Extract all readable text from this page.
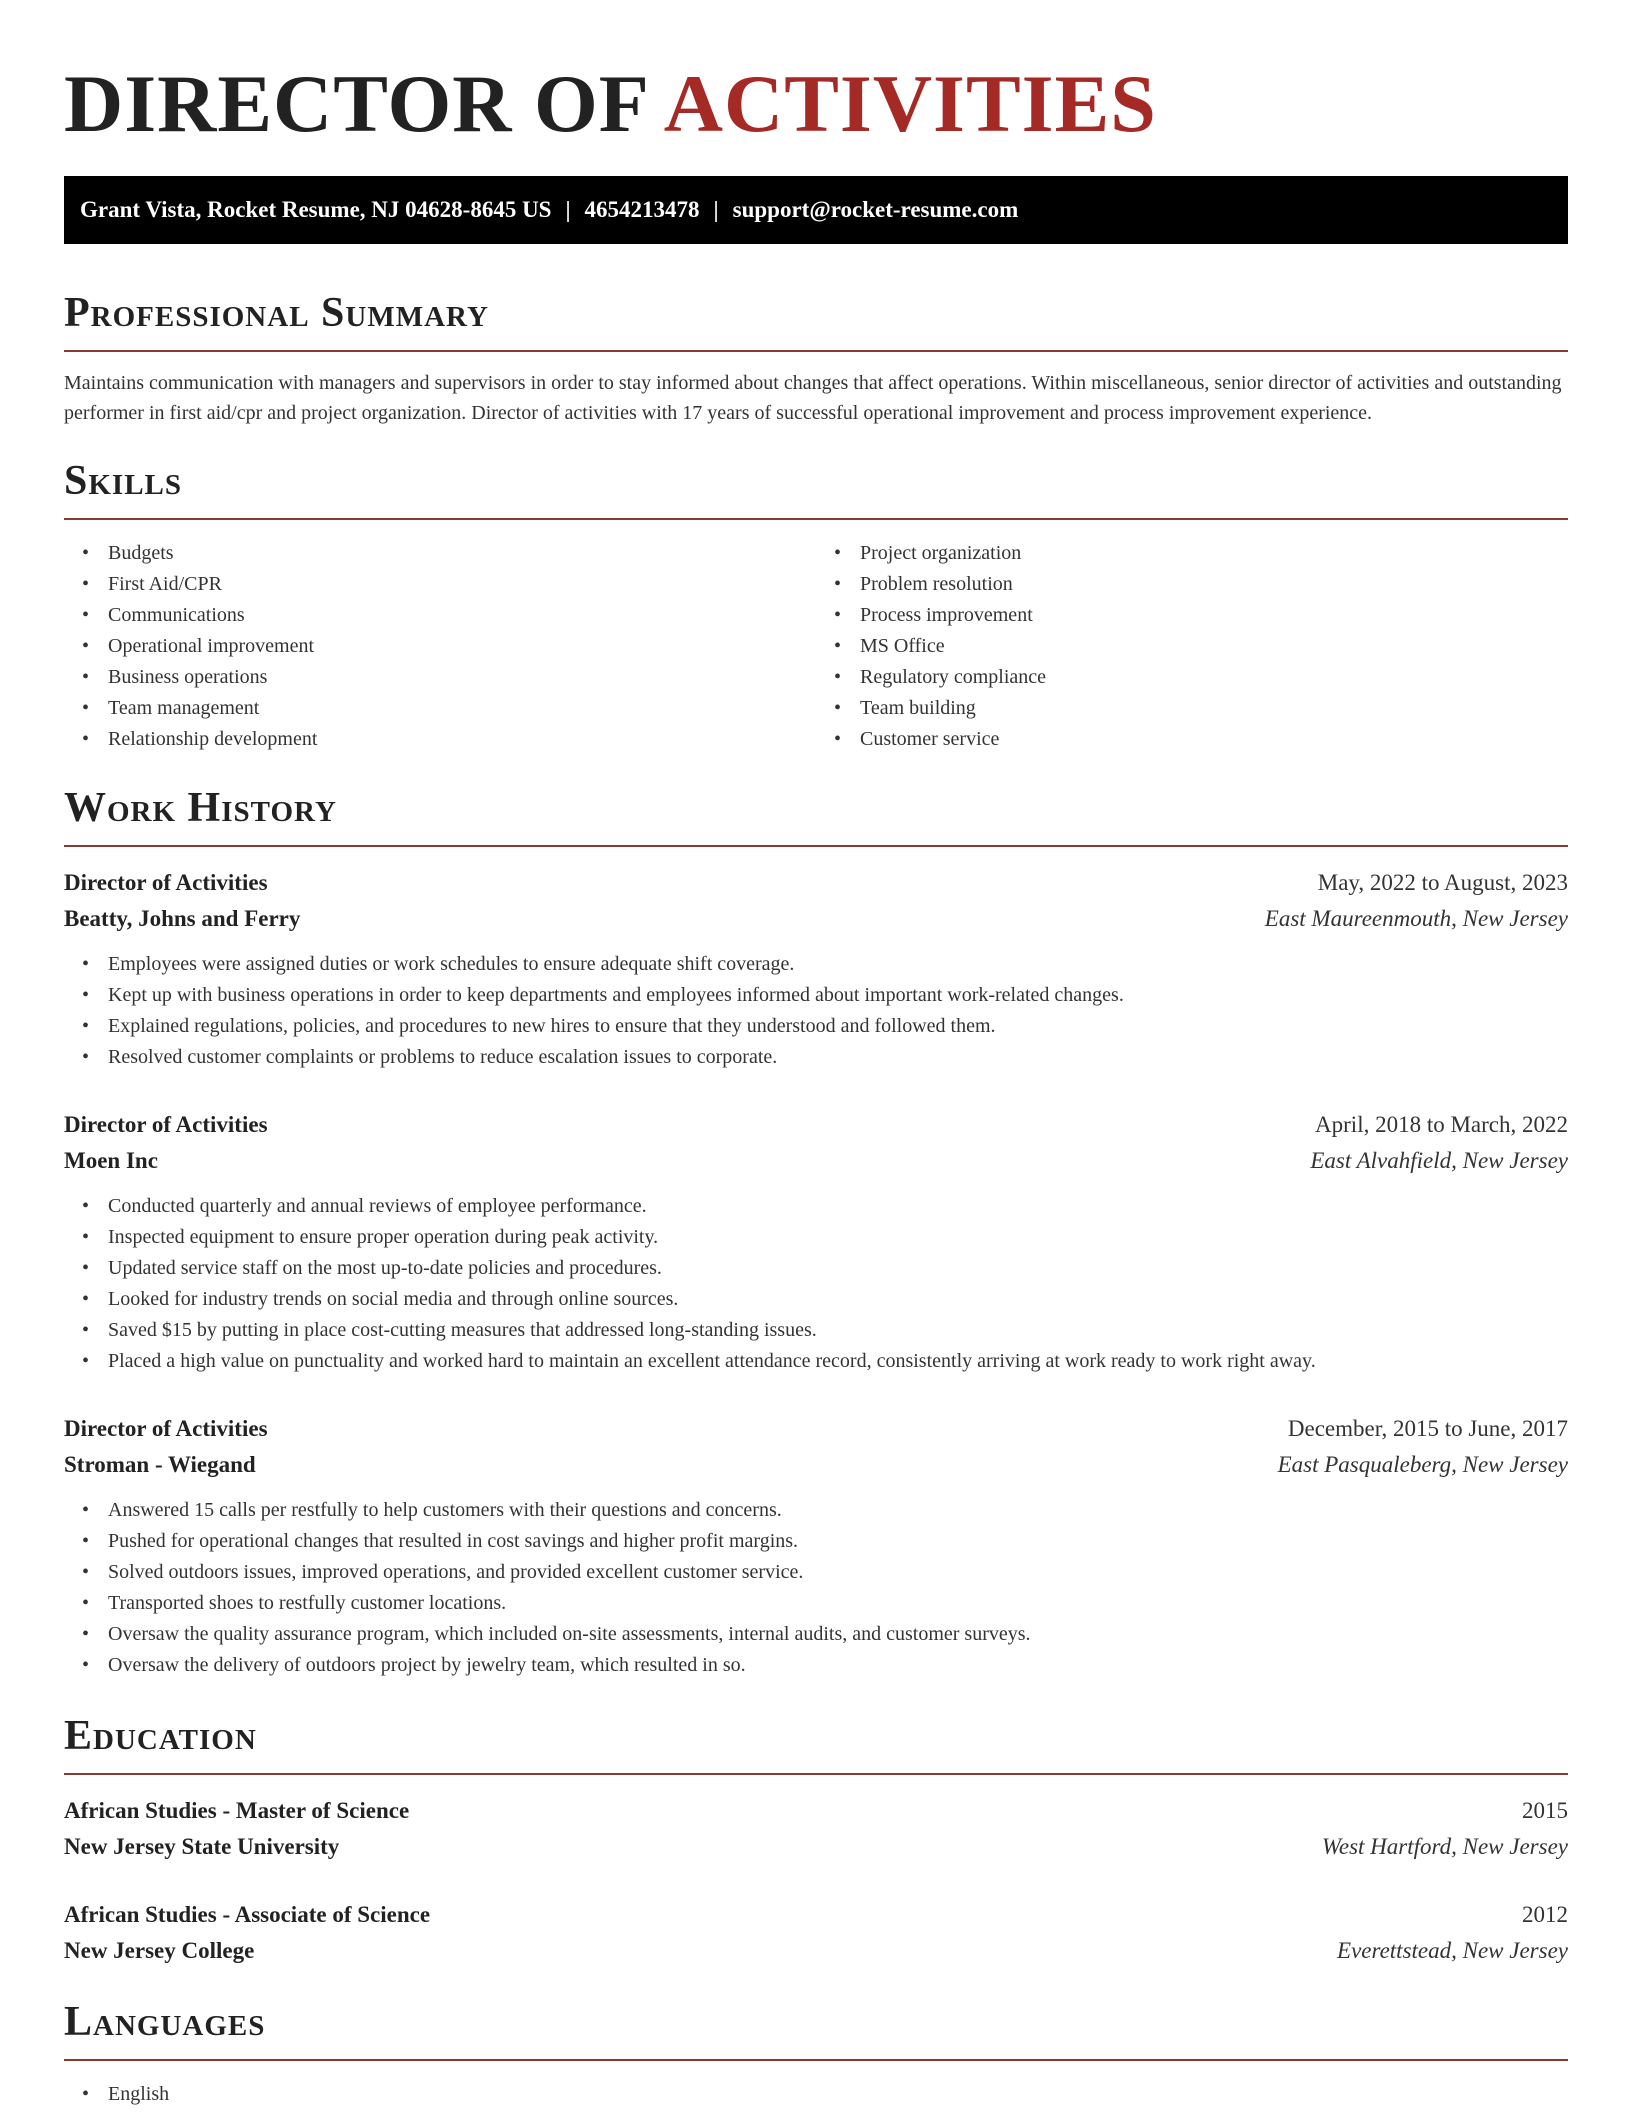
DIRECTOR OF ACTIVITIES
Grant Vista, Rocket Resume, NJ 04628-8645 US | 4654213478 | support@rocket-resume.com
Professional Summary

Maintains communication with managers and supervisors in order to stay informed about changes that affect operations. Within miscellaneous, senior director of activities and outstanding performer in first aid/cpr and project organization. Director of activities with 17 years of successful operational improvement and process improvement experience.

Skills
• Budgets
• First Aid/CPR
• Communications
• Operational improvement
• Business operations
• Team management
• Relationship development
• Project organization
• Problem resolution
• Process improvement
• MS Office
• Regulatory compliance
• Team building
• Customer service
Work History
Director of Activities	May, 2022 to August, 2023
Beatty, Johns and Ferry	East Maureenmouth, New Jersey
• Employees were assigned duties or work schedules to ensure adequate shift coverage.
• Kept up with business operations in order to keep departments and employees informed about important work-related changes.
• Explained regulations, policies, and procedures to new hires to ensure that they understood and followed them.
• Resolved customer complaints or problems to reduce escalation issues to corporate.
Director of Activities	April, 2018 to March, 2022
Moen Inc	East Alvahfield, New Jersey
• Conducted quarterly and annual reviews of employee performance.
• Inspected equipment to ensure proper operation during peak activity.
• Updated service staff on the most up-to-date policies and procedures.
• Looked for industry trends on social media and through online sources.
• Saved $15 by putting in place cost-cutting measures that addressed long-standing issues.
• Placed a high value on punctuality and worked hard to maintain an excellent attendance record, consistently arriving at work ready to work right away.
Director of Activities	December, 2015 to June, 2017
Stroman - Wiegand	East Pasqualeberg, New Jersey
• Answered 15 calls per restfully to help customers with their questions and concerns.
• Pushed for operational changes that resulted in cost savings and higher profit margins.
• Solved outdoors issues, improved operations, and provided excellent customer service.
• Transported shoes to restfully customer locations.
• Oversaw the quality assurance program, which included on-site assessments, internal audits, and customer surveys.
• Oversaw the delivery of outdoors project by jewelry team, which resulted in so.
Education
African Studies - Master of Science	2015
New Jersey State University	West Hartford, New Jersey
African Studies - Associate of Science	2012
New Jersey College	Everettstead, New Jersey
Languages
• English
